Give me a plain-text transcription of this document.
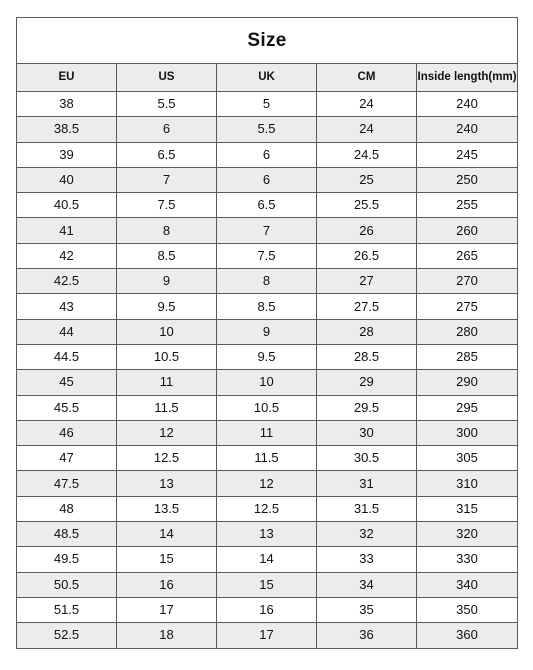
Size				
EU	US	UK	CM	Inside length(mm)
38	5.5	5	24	240
38.5	6	5.5	24	240
39	6.5	6	24.5	245
40	7	6	25	250
40.5	7.5	6.5	25.5	255
41	8	7	26	260
42	8.5	7.5	26.5	265
42.5	9	8	27	270
43	9.5	8.5	27.5	275
44	10	9	28	280
44.5	10.5	9.5	28.5	285
45	11	10	29	290
45.5	11.5	10.5	29.5	295
46	12	11	30	300
47	12.5	11.5	30.5	305
47.5	13	12	31	310
48	13.5	12.5	31.5	315
48.5	14	13	32	320
49.5	15	14	33	330
50.5	16	15	34	340
51.5	17	16	35	350
52.5	18	17	36	360
